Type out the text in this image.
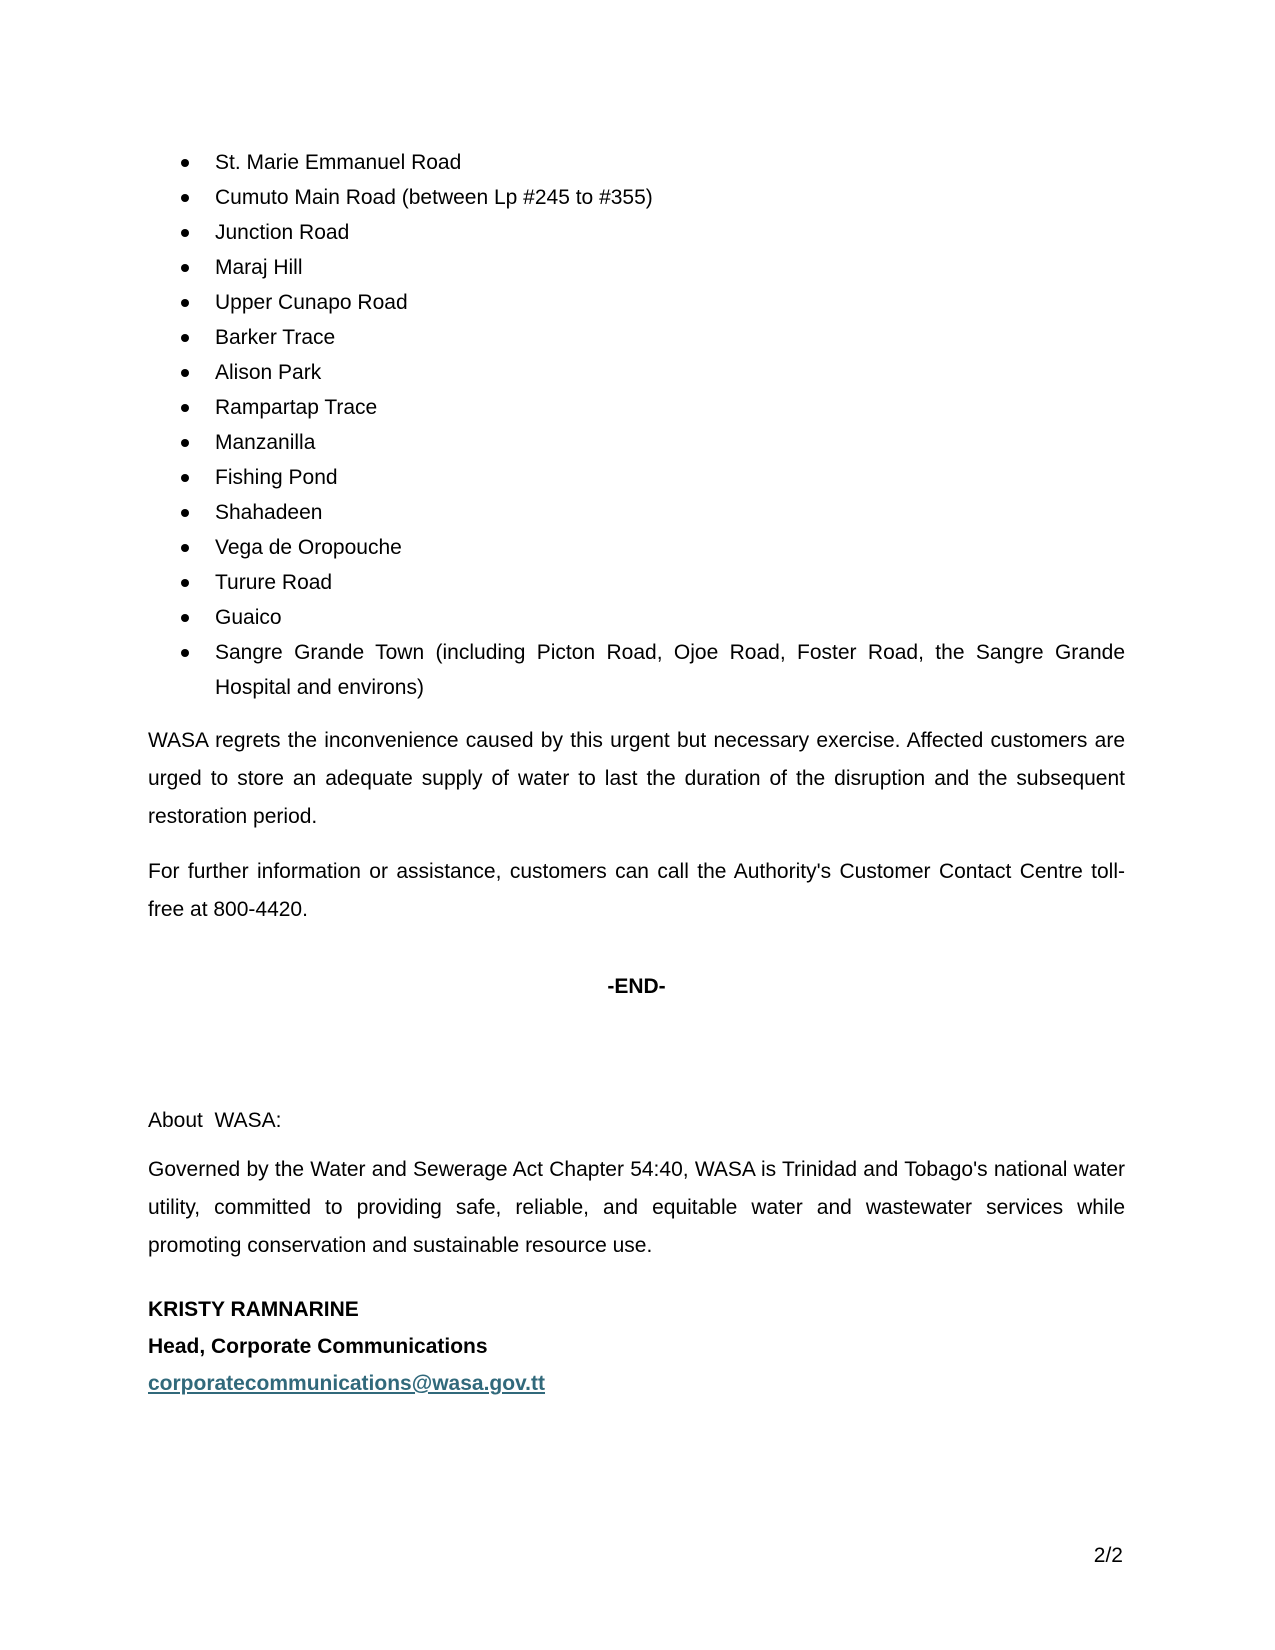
St. Marie Emmanuel Road
Cumuto Main Road (between Lp #245 to #355)
Junction Road
Maraj Hill
Upper Cunapo Road
Barker Trace
Alison Park
Rampartap Trace
Manzanilla
Fishing Pond
Shahadeen
Vega de Oropouche
Turure Road
Guaico
Sangre Grande Town (including Picton Road, Ojoe Road, Foster Road, the Sangre Grande Hospital and environs)

WASA regrets the inconvenience caused by this urgent but necessary exercise. Affected customers are urged to store an adequate supply of water to last the duration of the disruption and the subsequent restoration period.

For further information or assistance, customers can call the Authority's Customer Contact Centre toll-free at 800-4420.

-END-

About  WASA:

Governed by the Water and Sewerage Act Chapter 54:40, WASA is Trinidad and Tobago's national water utility, committed to providing safe, reliable, and equitable water and wastewater services while promoting conservation and sustainable resource use.

KRISTY RAMNARINE

Head, Corporate Communications

corporatecommunications@wasa.gov.tt

2/2
